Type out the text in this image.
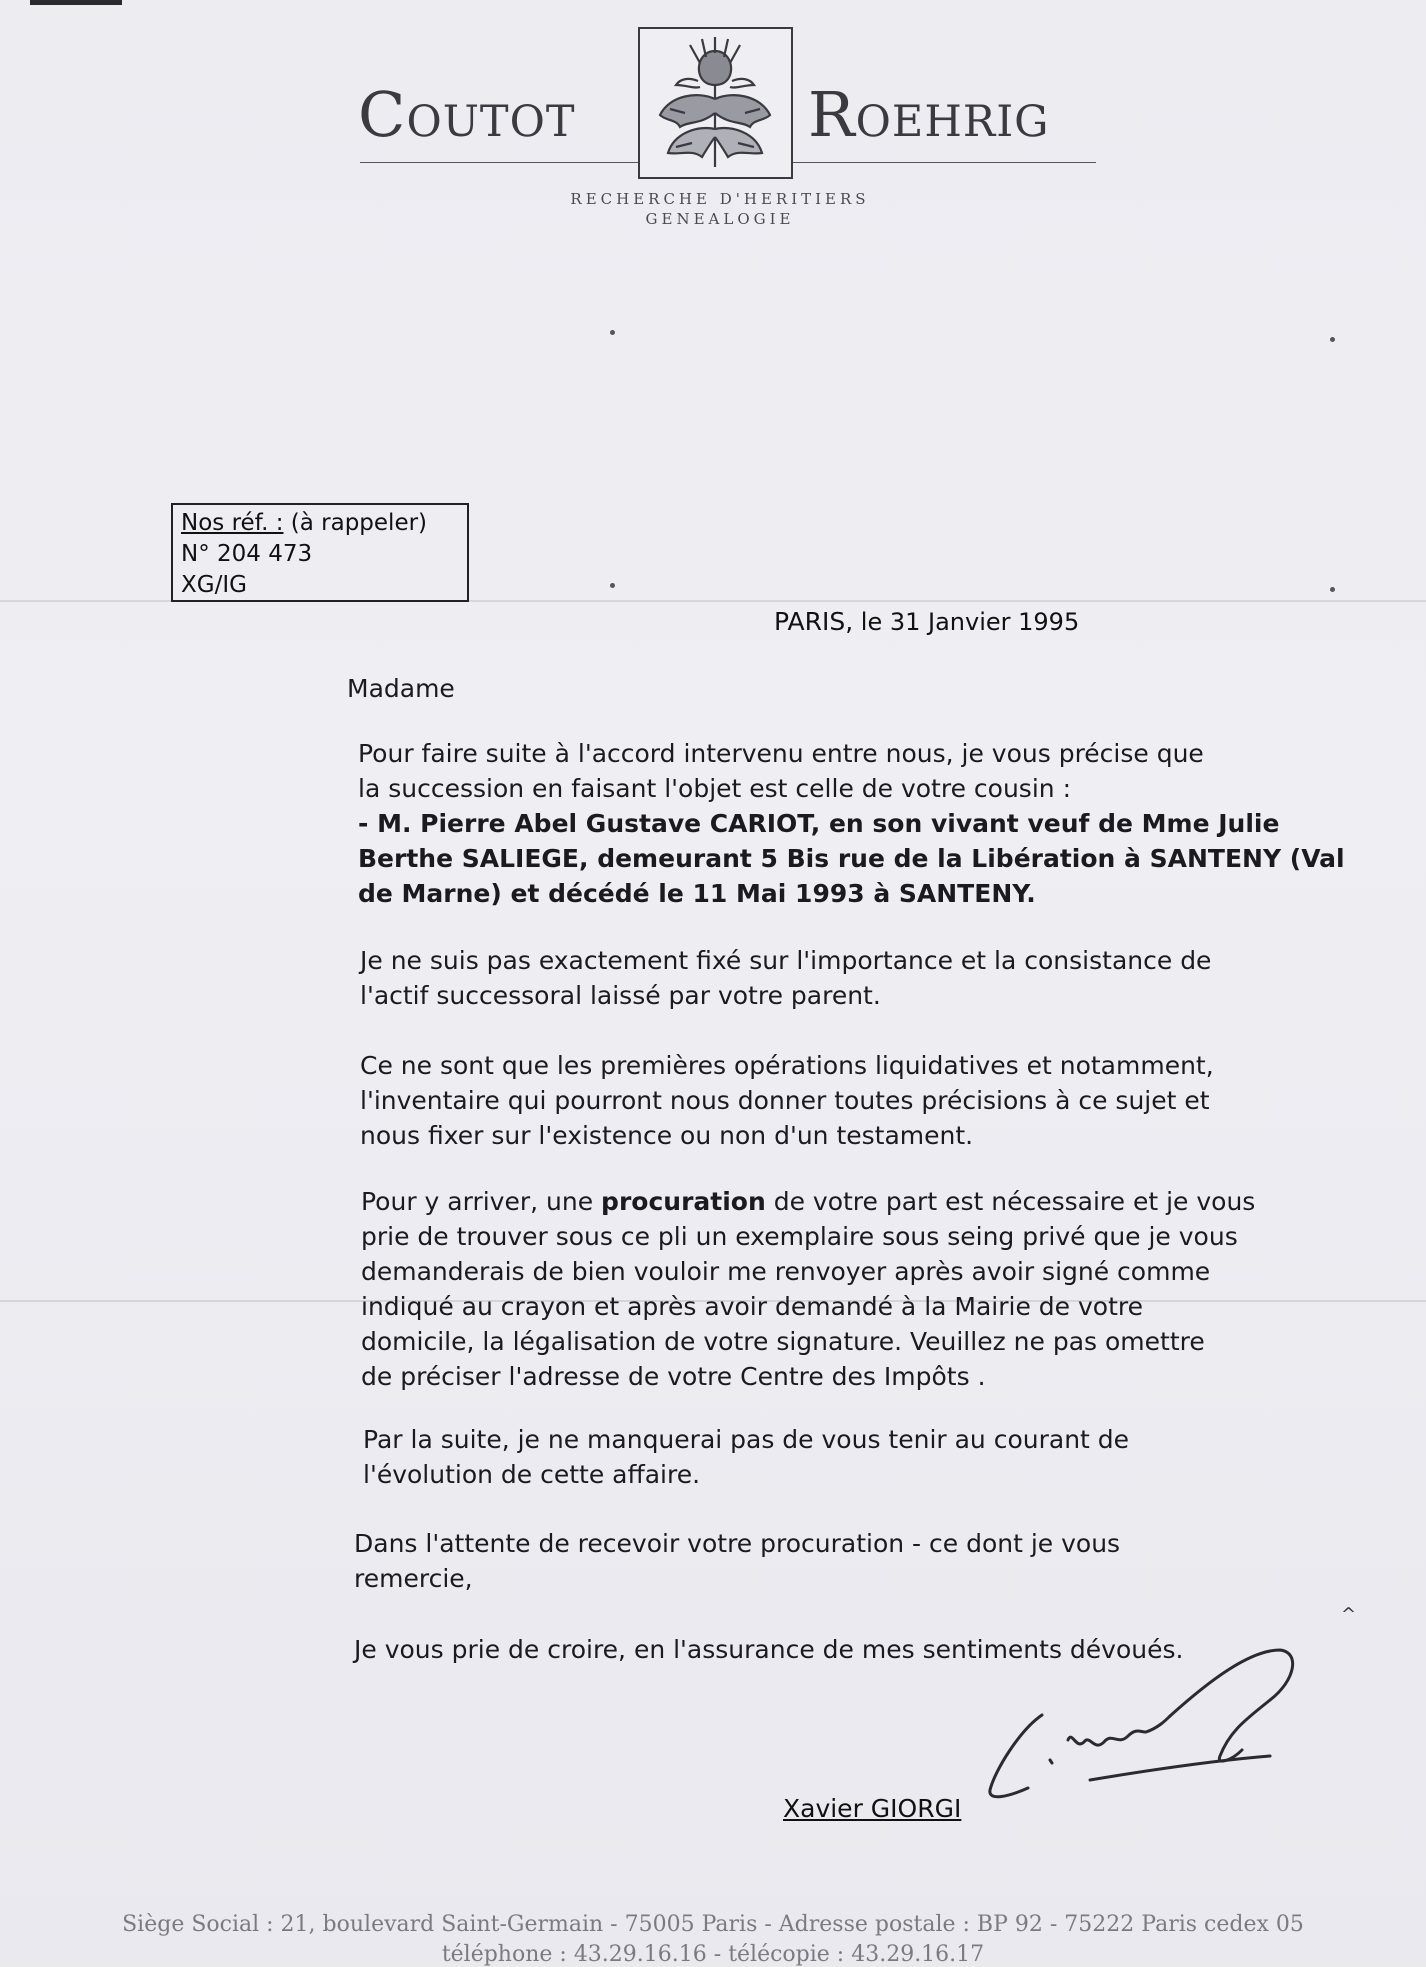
Coutot	Roehrig
RECHERCHE D'HERITIERS
GENEALOGIE
Nos réf. : (à rappeler)
N° 204 473
XG/IG
PARIS, le 31 Janvier 1995
Madame
Pour faire suite à l'accord intervenu entre nous, je vous précise que
la succession en faisant l'objet est celle de votre cousin :
- M. Pierre Abel Gustave CARIOT, en son vivant veuf de Mme Julie
Berthe SALIEGE, demeurant 5 Bis rue de la Libération à SANTENY (Val
de Marne) et décédé le 11 Mai 1993 à SANTENY.
Je ne suis pas exactement fixé sur l'importance et la consistance de
l'actif successoral laissé par votre parent.
Ce ne sont que les premières opérations liquidatives et notamment,
l'inventaire qui pourront nous donner toutes précisions à ce sujet et
nous fixer sur l'existence ou non d'un testament.
Pour y arriver, une procuration de votre part est nécessaire et je vous
prie de trouver sous ce pli un exemplaire sous seing privé que je vous
demanderais de bien vouloir me renvoyer après avoir signé comme
indiqué au crayon et après avoir demandé à la Mairie de votre
domicile, la légalisation de votre signature. Veuillez ne pas omettre
de préciser l'adresse de votre Centre des Impôts .
Par la suite, je ne manquerai pas de vous tenir au courant de
l'évolution de cette affaire.
Dans l'attente de recevoir votre procuration - ce dont je vous
remercie,
Je vous prie de croire, en l'assurance de mes sentiments dévoués.
^
Xavier GIORGI
Siège Social : 21, boulevard Saint-Germain - 75005 Paris - Adresse postale : BP 92 - 75222 Paris cedex 05
téléphone : 43.29.16.16 - télécopie : 43.29.16.17
